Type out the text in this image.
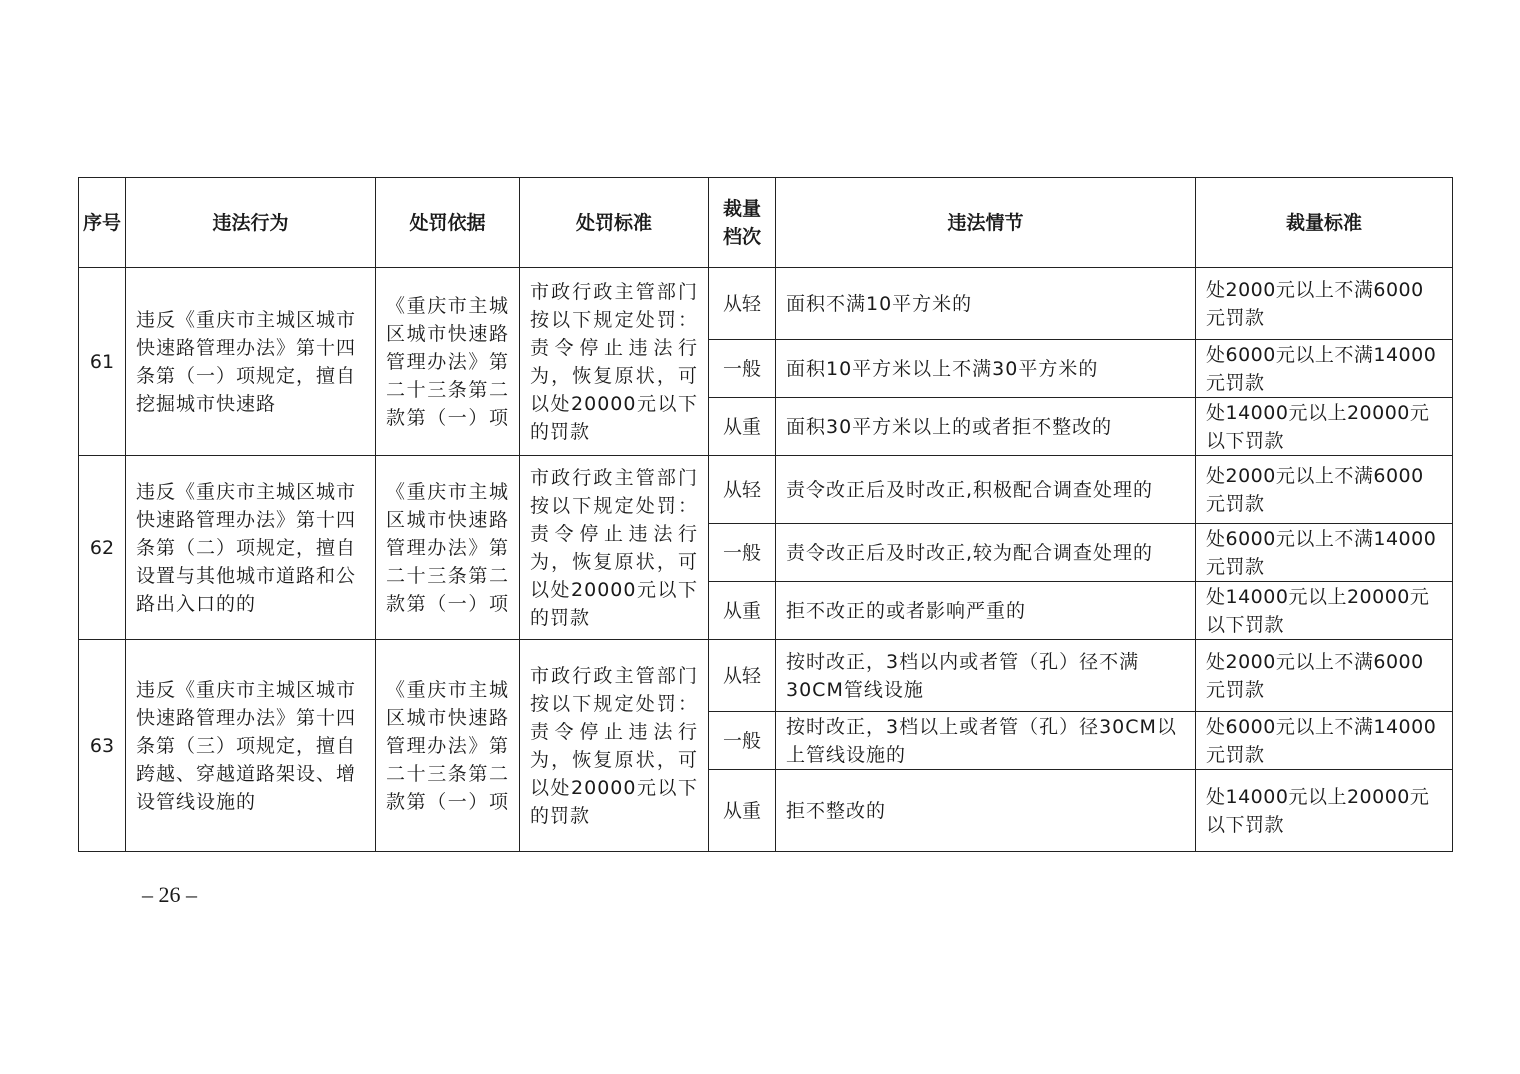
序号	违法行为	处罚依据	处罚标准	裁量档次	违法情节	裁量标准
61	违反《重庆市主城区城市快速路管理办法》第十四条第（一）项规定，擅自挖掘城市快速路	《重庆市主城区城市快速路管理办法》第二十三条第二款第（一）项	市政行政主管部门按以下规定处罚：责令停止违法行为，恢复原状，可以处20000元以下的罚款	从轻	面积不满10平方米的	处2000元以上不满6000元罚款
				一般	面积10平方米以上不满30平方米的	处6000元以上不满14000元罚款
				从重	面积30平方米以上的或者拒不整改的	处14000元以上20000元以下罚款
62	违反《重庆市主城区城市快速路管理办法》第十四条第（二）项规定，擅自设置与其他城市道路和公路出入口的的	《重庆市主城区城市快速路管理办法》第二十三条第二款第（一）项	市政行政主管部门按以下规定处罚：责令停止违法行为，恢复原状，可以处20000元以下的罚款	从轻	责令改正后及时改正,积极配合调查处理的	处2000元以上不满6000元罚款
				一般	责令改正后及时改正,较为配合调查处理的	处6000元以上不满14000元罚款
				从重	拒不改正的或者影响严重的	处14000元以上20000元以下罚款
63	违反《重庆市主城区城市快速路管理办法》第十四条第（三）项规定，擅自跨越、穿越道路架设、增设管线设施的	《重庆市主城区城市快速路管理办法》第二十三条第二款第（一）项	市政行政主管部门按以下规定处罚：责令停止违法行为，恢复原状，可以处20000元以下的罚款	从轻	按时改正，3档以内或者管（孔）径不满30CM管线设施	处2000元以上不满6000元罚款
				一般	按时改正，3档以上或者管（孔）径30CM以上管线设施的	处6000元以上不满14000元罚款
				从重	拒不整改的	处14000元以上20000元以下罚款
– 26 –
